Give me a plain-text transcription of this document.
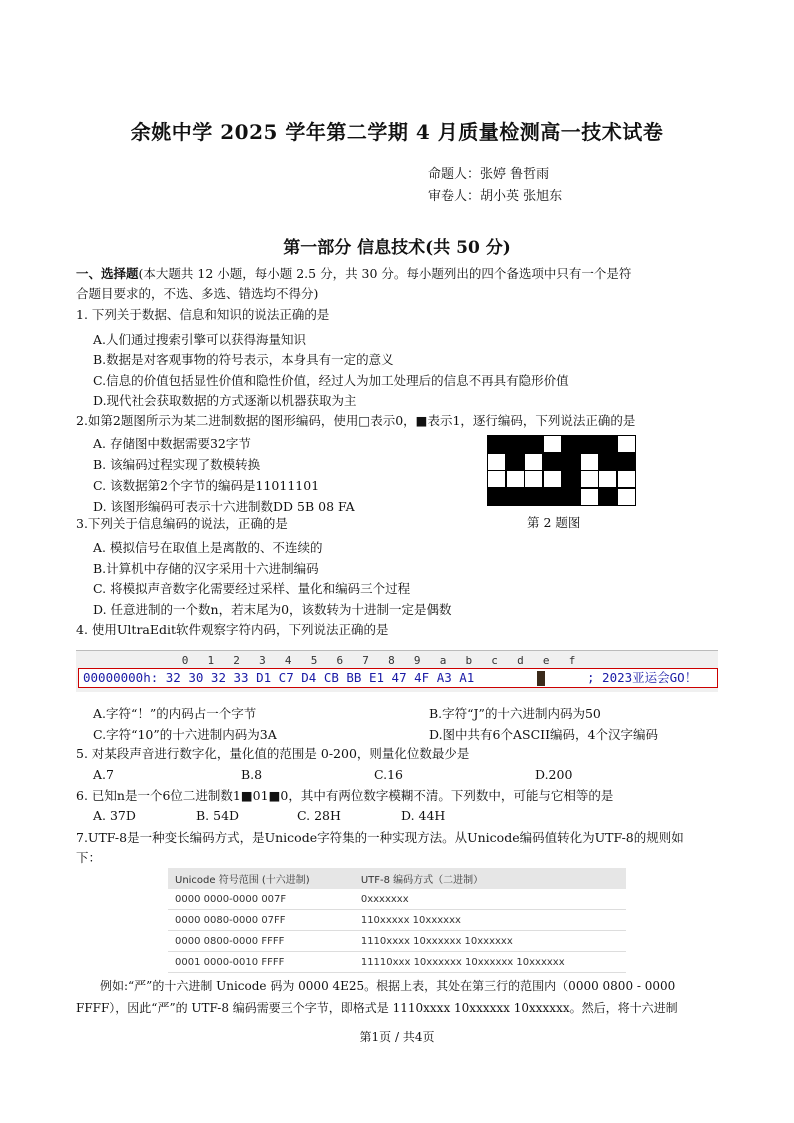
余姚中学 2025 学年第二学期 4 月质量检测高一技术试卷
命题人：张婷 鲁哲雨
审卷人：胡小英 张旭东
第一部分 信息技术(共 50 分)
一、选择题(本大题共 12 小题，每小题 2.5 分，共 30 分。每小题列出的四个备选项中只有一个是符
合题目要求的，不选、多选、错选均不得分)
1. 下列关于数据、信息和知识的说法正确的是
A.人们通过搜索引擎可以获得海量知识
B.数据是对客观事物的符号表示，本身具有一定的意义
C.信息的价值包括显性价值和隐性价值，经过人为加工处理后的信息不再具有隐形价值
D.现代社会获取数据的方式逐渐以机器获取为主
2.如第2题图所示为某二进制数据的图形编码，使用□表示0，■表示1，逐行编码，下列说法正确的是
A. 存储图中数据需要32字节
B. 该编码过程实现了数模转换
C. 该数据第2个字节的编码是11011101
D. 该图形编码可表示十六进制数DD 5B 08 FA
第 2 题图
3.下列关于信息编码的说法，正确的是
A. 模拟信号在取值上是离散的、不连续的
B.计算机中存储的汉字采用十六进制编码
C. 将模拟声音数字化需要经过采样、量化和编码三个过程
D. 任意进制的一个数n，若末尾为0，该数转为十进制一定是偶数
4. 使用UltraEdit软件观察字符内码，下列说法正确的是
0 1 2 3 4 5 6 7 8 9 a b c d e f
00000000h: 32 30 32 33 D1 C7 D4 CB BB E1 47 4F A3 A1	; 2023亚运会GO！
A.字符“！”的内码占一个字节	B.字符“J”的十六进制内码为50
C.字符“10”的十六进制内码为3A	D.图中共有6个ASCII编码，4个汉字编码
5. 对某段声音进行数字化，量化值的范围是 0-200，则量化位数最少是
A.7	B.8	C.16	D.200
6. 已知n是一个6位二进制数1■01■0，其中有两位数字模糊不清。下列数中，可能与它相等的是
A. 37D	B. 54D	C. 28H	D. 44H
7.UTF-8是一种变长编码方式，是Unicode字符集的一种实现方法。从Unicode编码值转化为UTF-8的规则如
下：
Unicode 符号范围 (十六进制)	UTF-8 编码方式（二进制）
0000 0000-0000 007F	0xxxxxxx
0000 0080-0000 07FF	110xxxxx 10xxxxxx
0000 0800-0000 FFFF	1110xxxx 10xxxxxx 10xxxxxx
0001 0000-0010 FFFF	11110xxx 10xxxxxx 10xxxxxx 10xxxxxx
例如:“严”的十六进制 Unicode 码为 0000 4E25。根据上表，其处在第三行的范围内（0000 0800 - 0000
FFFF），因此“严”的 UTF-8 编码需要三个字节，即格式是 1110xxxx 10xxxxxx 10xxxxxx。然后，将十六进制
第1页 / 共4页
